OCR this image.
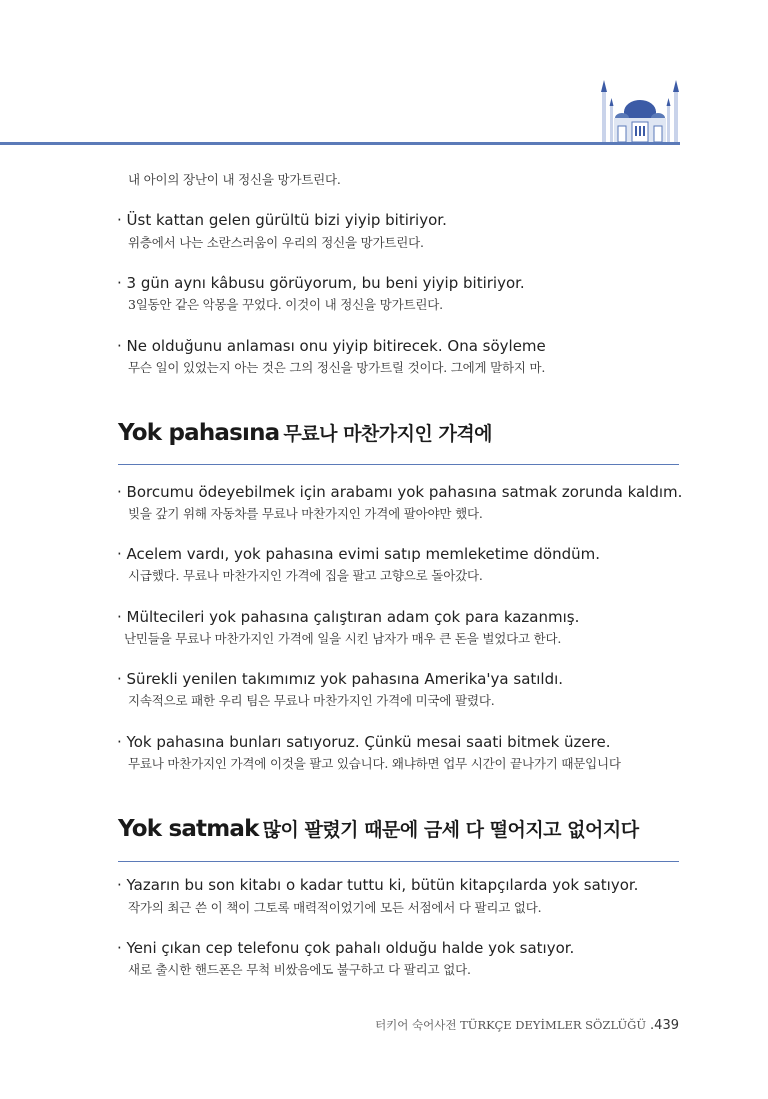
내 아이의 장난이 내 정신을 망가트린다.
· Üst kattan gelen gürültü bizi yiyip bitiriyor.
위층에서 나는 소란스러움이 우리의 정신을 망가트린다.
· 3 gün aynı kâbusu görüyorum, bu beni yiyip bitiriyor.
3일동안 같은 악몽을 꾸었다. 이것이 내 정신을 망가트린다.
· Ne olduğunu anlaması onu yiyip bitirecek. Ona söyleme
무슨 일이 있었는지 아는 것은 그의 정신을 망가트릴 것이다. 그에게 말하지 마.
Yok pahasına 무료나 마찬가지인 가격에
· Borcumu ödeyebilmek için arabamı yok pahasına satmak zorunda kaldım.
빚을 갚기 위해 자동차를 무료나 마찬가지인 가격에 팔아야만 했다.
· Acelem vardı, yok pahasına evimi satıp memleketime döndüm.
시급했다. 무료나 마찬가지인 가격에 집을 팔고 고향으로 돌아갔다.
· Mültecileri yok pahasına çalıştıran adam çok para kazanmış.
난민들을 무료나 마찬가지인 가격에 일을 시킨 남자가 매우 큰 돈을 벌었다고 한다.
· Sürekli yenilen takımımız yok pahasına Amerika'ya satıldı.
지속적으로 패한 우리 팀은 무료나 마찬가지인 가격에 미국에 팔렸다.
· Yok pahasına bunları satıyoruz. Çünkü mesai saati bitmek üzere.
무료나 마찬가지인 가격에 이것을 팔고 있습니다. 왜냐하면 업무 시간이 끝나가기 때문입니다
Yok satmak 많이 팔렸기 때문에 금세 다 떨어지고 없어지다
· Yazarın bu son kitabı o kadar tuttu ki, bütün kitapçılarda yok satıyor.
작가의 최근 쓴 이 책이 그토록 매력적이었기에 모든 서점에서 다 팔리고 없다.
· Yeni çıkan cep telefonu çok pahalı olduğu halde yok satıyor.
새로 출시한 핸드폰은 무척 비쌌음에도 불구하고 다 팔리고 없다.
터키어 숙어사전 TÜRKÇE DEYİMLER SÖZLÜĞÜ .439
